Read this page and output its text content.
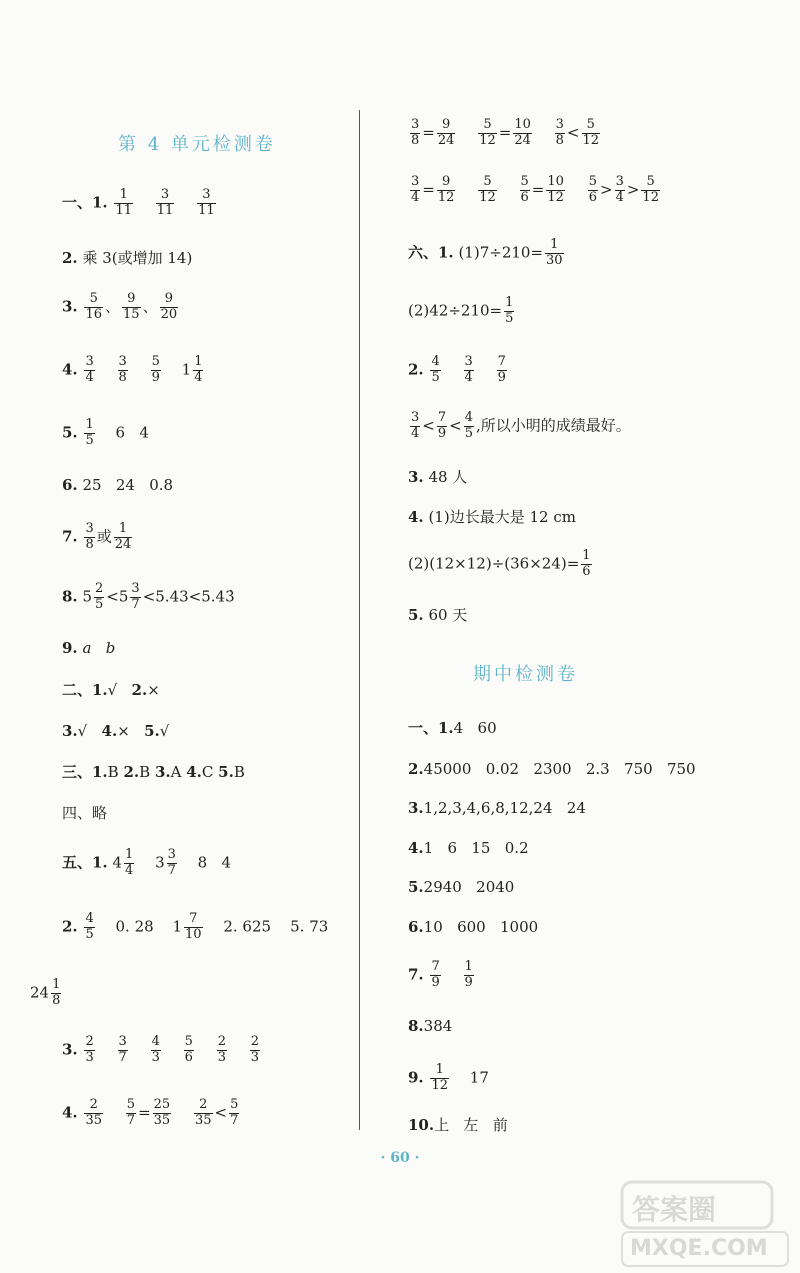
第 4 单元检测卷
期中检测卷
一、1. $\frac{1}{11}$
$\frac{3}{11}$
$\frac{3}{11}$
2. 乘 3(或增加 14)
3. $\frac{5}{16}$ 、 $\frac{9}{15}$ 、 $\frac{9}{20}$
4. $\frac{3}{4}$
$\frac{3}{8}$
$\frac{5}{9} 1 \frac{1}{4}$
5. $\frac{1}{5} 6$   4
6. 25   24   0.8
7. $\frac{3}{8}$ 或 $\frac{1}{24}$
8. $5 \frac{2}{5} <5 \frac{3}{7}$ <5.43<5.43̇
9. a   b
二、1.√   2.×
3.√   4.×   5.√
三、1.B 2.B 3.A 4.C 5.B
四、略
五、1. $4 \frac{1}{4} 3 \frac{3}{7} 8$   4
2. $\frac{4}{5} 0$. 28 $1 \frac{7}{10} 2$. 625    5. 73
$24 \frac{1}{8}$
3. $\frac{2}{3}$
$\frac{3}{7}$
$\frac{4}{3}$
$\frac{5}{6}$
$\frac{2}{3}$
$\frac{2}{3}$
4. $\frac{2}{35}$
$\frac{5}{7} = \frac{25}{35}$
$\frac{2}{35} < \frac{5}{7}$
$\frac{3}{8} = \frac{9}{24}$
$\frac{5}{12} = \frac{10}{24}$
$\frac{3}{8} < \frac{5}{12}$
$\frac{3}{4} = \frac{9}{12}$
$\frac{5}{12}$
$\frac{5}{6} = \frac{10}{12}$
$\frac{5}{6} > \frac{3}{4} > \frac{5}{12}$
六、1. $(1)7\div 210= \frac{1}{30}$
$(2)42\div 210= \frac{1}{5}$
2. $\frac{4}{5}$
$\frac{3}{4}$
$\frac{7}{9}$
$\frac{3}{4} < \frac{7}{9} < \frac{4}{5}$ ,所以小明的成绩最好。
3. 48 人
4. (1)边长最大是 12 cm
$(2)(12\times 12)\div(36\times 24)= \frac{1}{6}$
5. 60 天
一、1.4   60
2.45000   0.02   2300   2.3   750   750
3.1,2,3,4,6,8,12,24   24
4.1   6   15   0.2
5.2940   2040
6.10   600   1000
7. $\frac{7}{9}$
$\frac{1}{9}$
8.384
9. $\frac{1}{12} 17$
10.上   左   前
· 60 ·
答案圈
MXQE.COM
